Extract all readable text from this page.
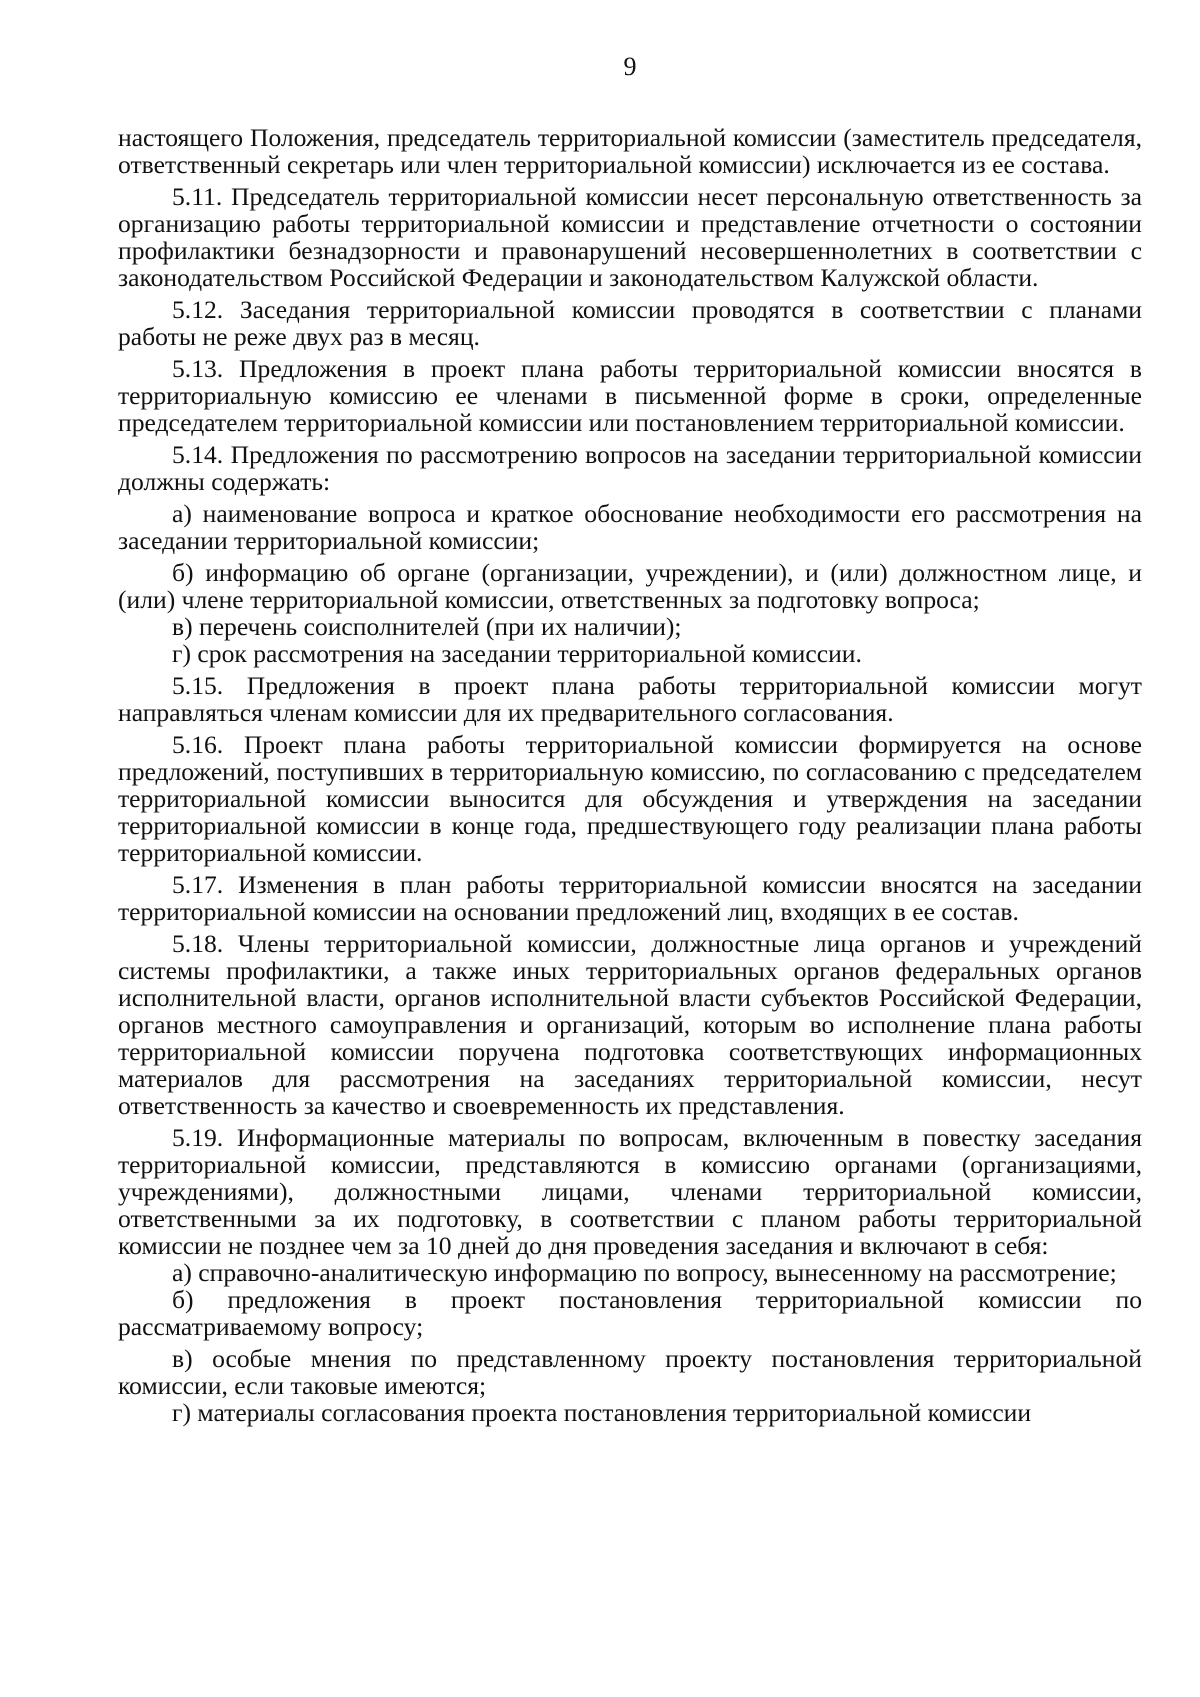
9

настоящего Положения, председатель территориальной комиссии (заместитель председателя, ответственный секретарь или член территориальной комиссии) исключается из ее состава.

5.11. Председатель территориальной комиссии несет персональную ответственность за организацию работы территориальной комиссии и представление отчетности о состоянии профилактики безнадзорности и правонарушений несовершеннолетних в соответствии с законодательством Российской Федерации и законодательством Калужской области.

5.12. Заседания территориальной комиссии проводятся в соответствии с планами работы не реже двух раз в месяц.

5.13. Предложения в проект плана работы территориальной комиссии вносятся в территориальную комиссию ее членами в письменной форме в сроки, определенные председателем территориальной комиссии или постановлением территориальной комиссии.

5.14. Предложения по рассмотрению вопросов на заседании территориальной комиссии должны содержать:

а) наименование вопроса и краткое обоснование необходимости его рассмотрения на заседании территориальной комиссии;

б) информацию об органе (организации, учреждении), и (или) должностном лице, и (или) члене территориальной комиссии, ответственных за подготовку вопроса;

в) перечень соисполнителей (при их наличии);

г) срок рассмотрения на заседании территориальной комиссии.

5.15. Предложения в проект плана работы территориальной комиссии могут направляться членам комиссии для их предварительного согласования.

5.16. Проект плана работы территориальной комиссии формируется на основе предложений, поступивших в территориальную комиссию, по согласованию с председателем территориальной комиссии выносится для обсуждения и утверждения на заседании территориальной комиссии в конце года, предшествующего году реализации плана работы территориальной комиссии.

5.17. Изменения в план работы территориальной комиссии вносятся на заседании территориальной комиссии на основании предложений лиц, входящих в ее состав.

5.18. Члены территориальной комиссии, должностные лица органов и учреждений системы профилактики, а также иных территориальных органов федеральных органов исполнительной власти, органов исполнительной власти субъектов Российской Федерации, органов местного самоуправления и организаций, которым во исполнение плана работы территориальной комиссии поручена подготовка соответствующих информационных материалов для рассмотрения на заседаниях территориальной комиссии, несут ответственность за качество и своевременность их представления.

5.19. Информационные материалы по вопросам, включенным в повестку заседания территориальной комиссии, представляются в комиссию органами (организациями, учреждениями), должностными лицами, членами территориальной комиссии, ответственными за их подготовку, в соответствии с планом работы территориальной комиссии не позднее чем за 10 дней до дня проведения заседания и включают в себя:

а) справочно-аналитическую информацию по вопросу, вынесенному на рассмотрение;

б) предложения в проект постановления территориальной комиссии по рассматриваемому вопросу;

в) особые мнения по представленному проекту постановления территориальной комиссии, если таковые имеются;

г) материалы согласования проекта постановления территориальной комиссии
